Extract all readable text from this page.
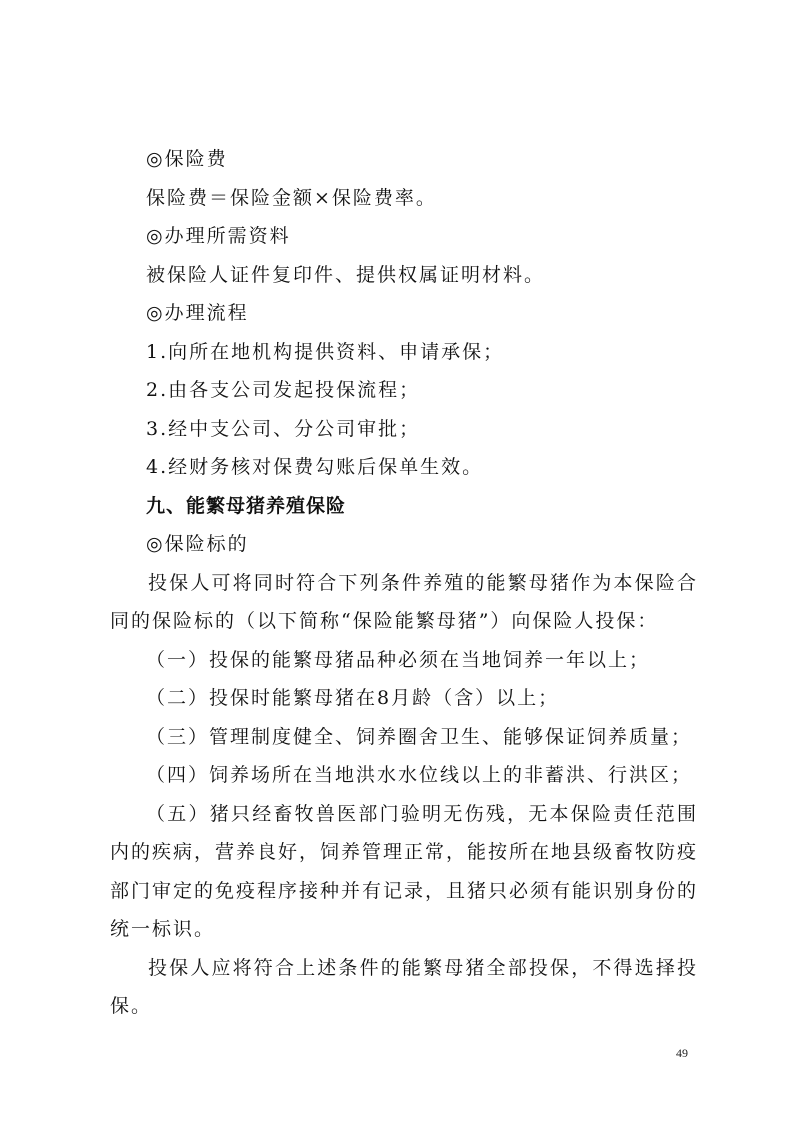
◎保险费
保险费＝保险金额×保险费率。
◎办理所需资料
被保险人证件复印件、提供权属证明材料。
◎办理流程
1.向所在地机构提供资料、申请承保；
2.由各支公司发起投保流程；
3.经中支公司、分公司审批；
4.经财务核对保费勾账后保单生效。
九、能繁母猪养殖保险
◎保险标的
投保人可将同时符合下列条件养殖的能繁母猪作为本保险合同的保险标的（以下简称“保险能繁母猪”）向保险人投保：
（一）投保的能繁母猪品种必须在当地饲养一年以上；
（二）投保时能繁母猪在8月龄（含）以上；
（三）管理制度健全、饲养圈舍卫生、能够保证饲养质量；
（四）饲养场所在当地洪水水位线以上的非蓄洪、行洪区；
（五）猪只经畜牧兽医部门验明无伤残，无本保险责任范围内的疾病，营养良好，饲养管理正常，能按所在地县级畜牧防疫部门审定的免疫程序接种并有记录，且猪只必须有能识别身份的统一标识。
投保人应将符合上述条件的能繁母猪全部投保，不得选择投保。
49
